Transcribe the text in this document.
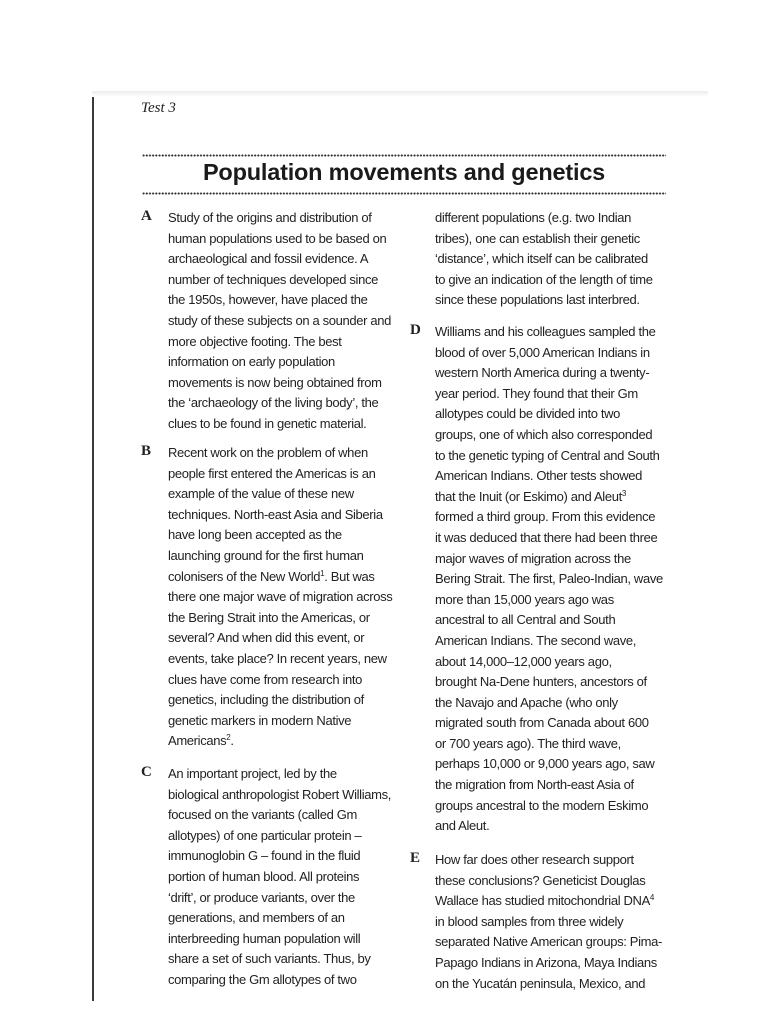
Test 3
Population movements and genetics
A Study of the origins and distribution of
human populations used to be based on
archaeological and fossil evidence. A
number of techniques developed since
the 1950s, however, have placed the
study of these subjects on a sounder and
more objective footing. The best
information on early population
movements is now being obtained from
the ‘archaeology of the living body’, the
clues to be found in genetic material.
B Recent work on the problem of when
people first entered the Americas is an
example of the value of these new
techniques. North-east Asia and Siberia
have long been accepted as the
launching ground for the first human
colonisers of the New World$^1$. But was
there one major wave of migration across
the Bering Strait into the Americas, or
several? And when did this event, or
events, take place? In recent years, new
clues have come from research into
genetics, including the distribution of
genetic markers in modern Native
Americans$^2$.
C An important project, led by the
biological anthropologist Robert Williams,
focused on the variants (called Gm
allotypes) of one particular protein –
immunoglobin G – found in the fluid
portion of human blood. All proteins
‘drift’, or produce variants, over the
generations, and members of an
interbreeding human population will
share a set of such variants. Thus, by
comparing the Gm allotypes of two
different populations (e.g. two Indian
tribes), one can establish their genetic
‘distance’, which itself can be calibrated
to give an indication of the length of time
since these populations last interbred.
D Williams and his colleagues sampled the
blood of over 5,000 American Indians in
western North America during a twenty-
year period. They found that their Gm
allotypes could be divided into two
groups, one of which also corresponded
to the genetic typing of Central and South
American Indians. Other tests showed
that the Inuit (or Eskimo) and Aleut$^3$
formed a third group. From this evidence
it was deduced that there had been three
major waves of migration across the
Bering Strait. The first, Paleo-Indian, wave
more than 15,000 years ago was
ancestral to all Central and South
American Indians. The second wave,
about 14,000–12,000 years ago,
brought Na-Dene hunters, ancestors of
the Navajo and Apache (who only
migrated south from Canada about 600
or 700 years ago). The third wave,
perhaps 10,000 or 9,000 years ago, saw
the migration from North-east Asia of
groups ancestral to the modern Eskimo
and Aleut.
E How far does other research support
these conclusions? Geneticist Douglas
Wallace has studied mitochondrial DNA$^4$
in blood samples from three widely
separated Native American groups: Pima-
Papago Indians in Arizona, Maya Indians
on the Yucatán peninsula, Mexico, and
